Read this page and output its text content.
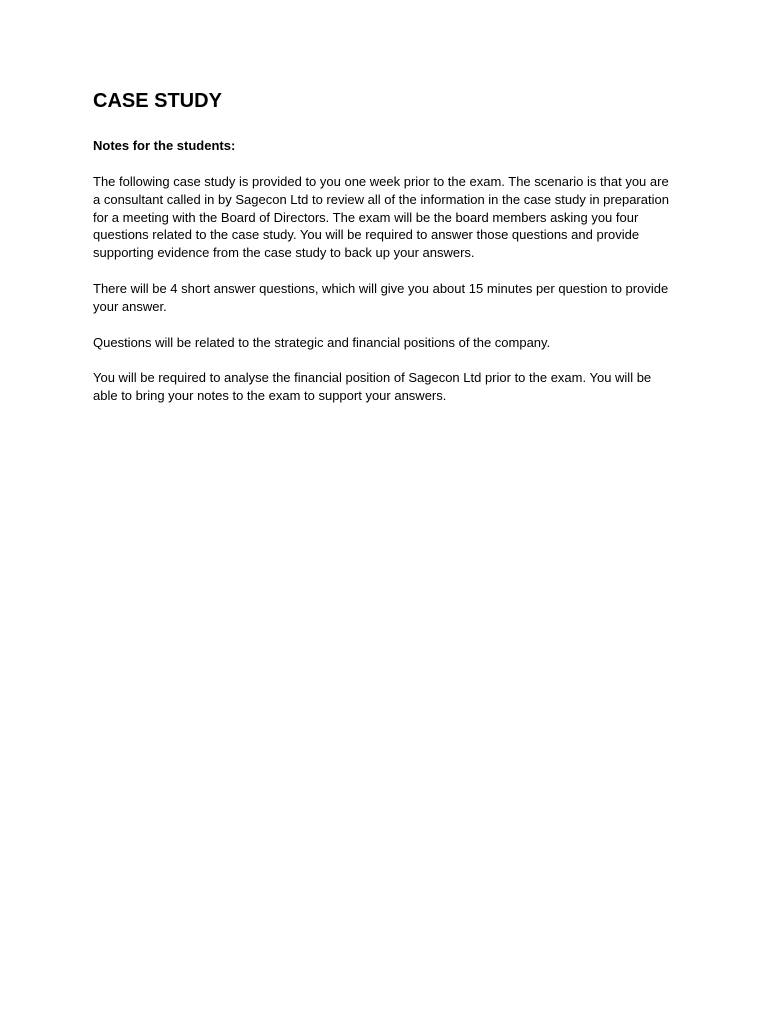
CASE STUDY

Notes for the students:

The following case study is provided to you one week prior to the exam. The scenario is that you are a consultant called in by Sagecon Ltd to review all of the information in the case study in preparation for a meeting with the Board of Directors. The exam will be the board members asking you four questions related to the case study. You will be required to answer those questions and provide supporting evidence from the case study to back up your answers.

There will be 4 short answer questions, which will give you about 15 minutes per question to provide your answer.

Questions will be related to the strategic and financial positions of the company.

You will be required to analyse the financial position of Sagecon Ltd prior to the exam. You will be able to bring your notes to the exam to support your answers.
